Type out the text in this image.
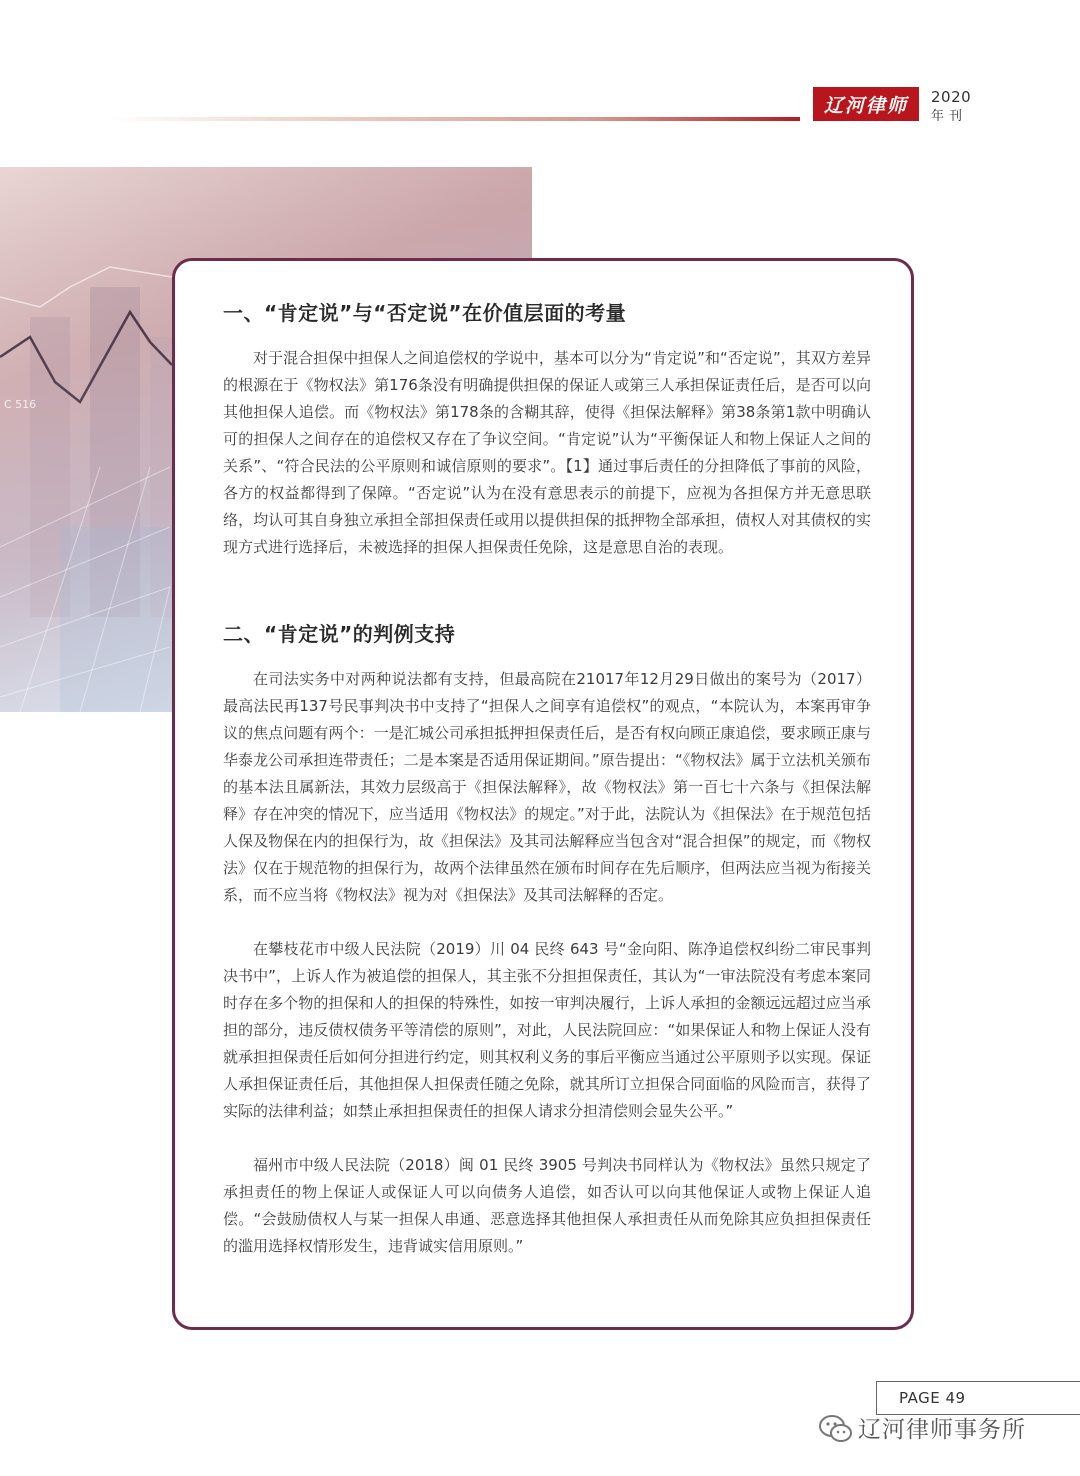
辽河律师	2020
年刊
C 516
一、“肯定说”与“否定说”在价值层面的考量

对于混合担保中担保人之间追偿权的学说中，基本可以分为“肯定说”和“否定说”，其双方差异的根源在于《物权法》第176条没有明确提供担保的保证人或第三人承担保证责任后，是否可以向其他担保人追偿。而《物权法》第178条的含糊其辞，使得《担保法解释》第38条第1款中明确认可的担保人之间存在的追偿权又存在了争议空间。“肯定说”认为“平衡保证人和物上保证人之间的关系”、“符合民法的公平原则和诚信原则的要求”。【1】通过事后责任的分担降低了事前的风险，各方的权益都得到了保障。“否定说”认为在没有意思表示的前提下，应视为各担保方并无意思联络，均认可其自身独立承担全部担保责任或用以提供担保的抵押物全部承担，债权人对其债权的实现方式进行选择后，未被选择的担保人担保责任免除，这是意思自治的表现。

二、“肯定说”的判例支持

在司法实务中对两种说法都有支持，但最高院在21017年12月29日做出的案号为（2017）最高法民再137号民事判决书中支持了“担保人之间享有追偿权”的观点，“本院认为，本案再审争议的焦点问题有两个：一是汇城公司承担抵押担保责任后，是否有权向顾正康追偿，要求顾正康与华泰龙公司承担连带责任；二是本案是否适用保证期间。”原告提出：“《物权法》属于立法机关颁布的基本法且属新法，其效力层级高于《担保法解释》，故《物权法》第一百七十六条与《担保法解释》存在冲突的情况下，应当适用《物权法》的规定。”对于此，法院认为《担保法》在于规范包括人保及物保在内的担保行为，故《担保法》及其司法解释应当包含对“混合担保”的规定，而《物权法》仅在于规范物的担保行为，故两个法律虽然在颁布时间存在先后顺序，但两法应当视为衔接关系，而不应当将《物权法》视为对《担保法》及其司法解释的否定。

在攀枝花市中级人民法院（2019）川 04 民终 643 号“金向阳、陈净追偿权纠纷二审民事判决书中”，上诉人作为被追偿的担保人，其主张不分担担保责任，其认为“一审法院没有考虑本案同时存在多个物的担保和人的担保的特殊性，如按一审判决履行，上诉人承担的金额远远超过应当承担的部分，违反债权债务平等清偿的原则”，对此，人民法院回应：“如果保证人和物上保证人没有就承担担保责任后如何分担进行约定，则其权利义务的事后平衡应当通过公平原则予以实现。保证人承担保证责任后，其他担保人担保责任随之免除，就其所订立担保合同面临的风险而言，获得了实际的法律利益；如禁止承担担保责任的担保人请求分担清偿则会显失公平。”

福州市中级人民法院（2018）闽 01 民终 3905 号判决书同样认为《物权法》虽然只规定了承担责任的物上保证人或保证人可以向债务人追偿，如否认可以向其他保证人或物上保证人追偿。“会鼓励债权人与某一担保人串通、恶意选择其他担保人承担责任从而免除其应负担担保责任的滥用选择权情形发生，违背诚实信用原则。”

PAGE 49
辽河律师事务所
